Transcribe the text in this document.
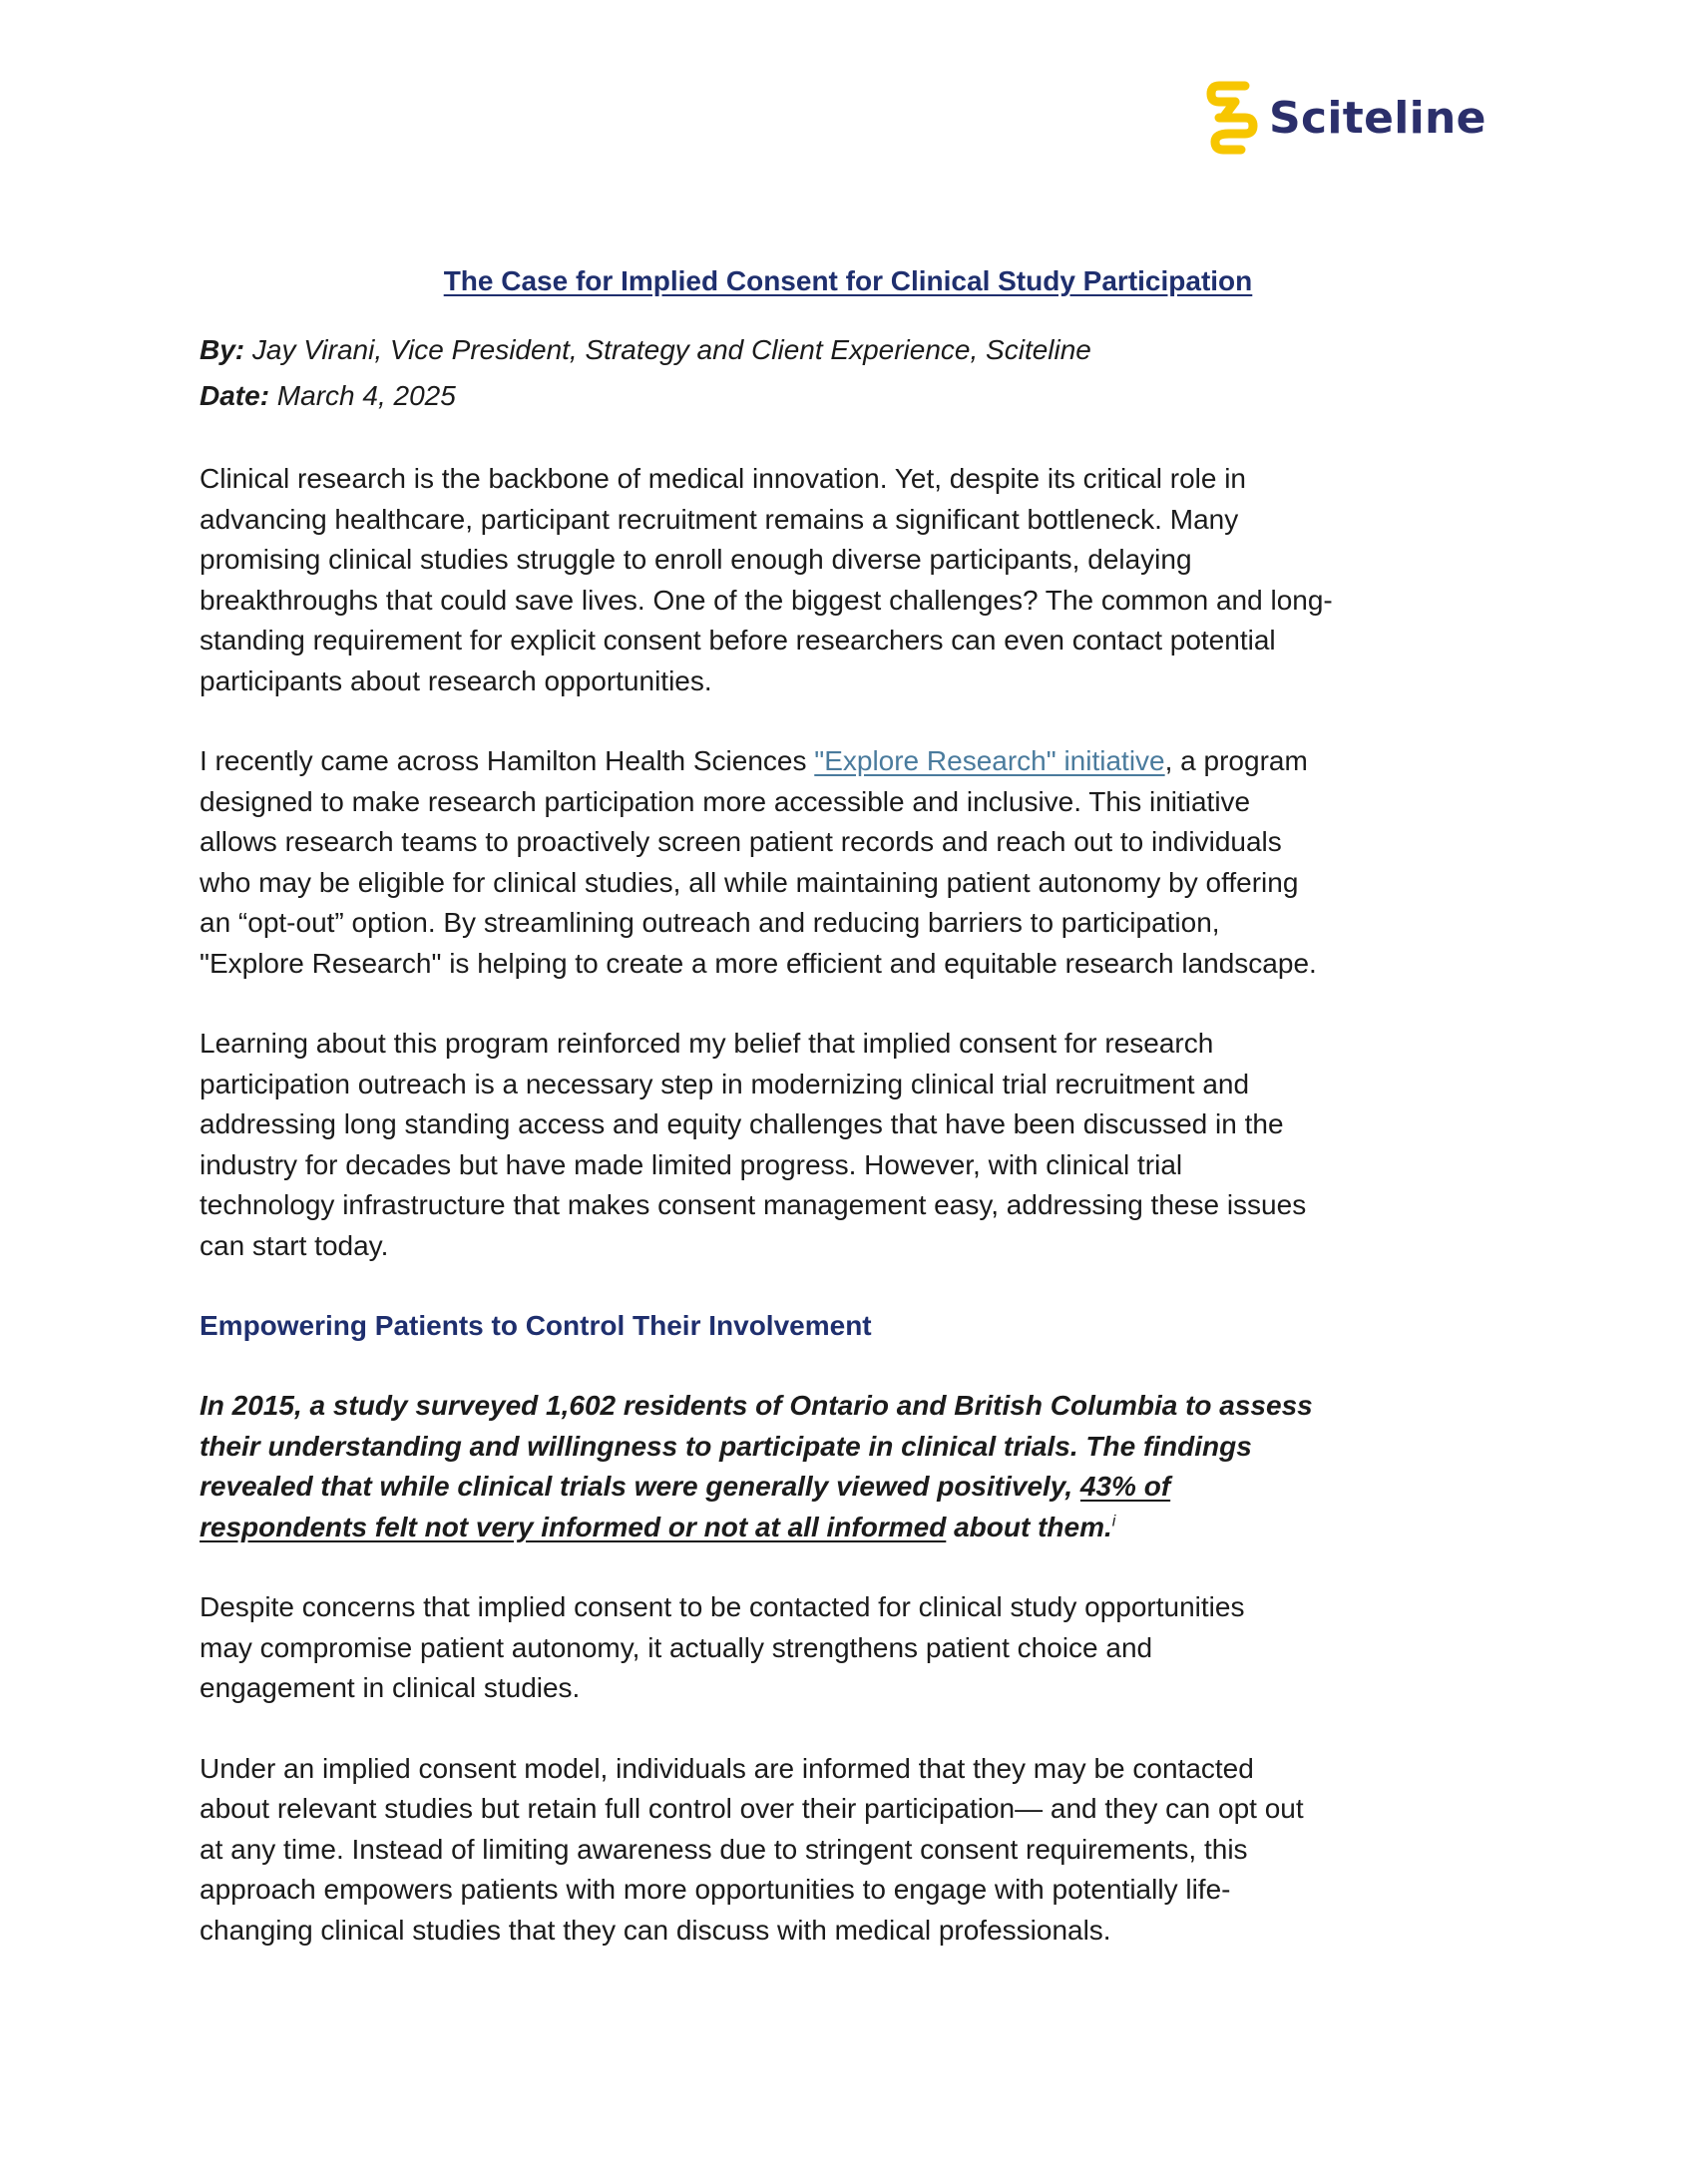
Sciteline
The Case for Implied Consent for Clinical Study Participation

By: Jay Virani, Vice President, Strategy and Client Experience, Sciteline

Date: March 4, 2025

Clinical research is the backbone of medical innovation. Yet, despite its critical role in
advancing healthcare, participant recruitment remains a significant bottleneck. Many
promising clinical studies struggle to enroll enough diverse participants, delaying
breakthroughs that could save lives. One of the biggest challenges? The common and long-
standing requirement for explicit consent before researchers can even contact potential
participants about research opportunities.

I recently came across Hamilton Health Sciences "Explore Research" initiative, a program
designed to make research participation more accessible and inclusive. This initiative
allows research teams to proactively screen patient records and reach out to individuals
who may be eligible for clinical studies, all while maintaining patient autonomy by offering
an “opt-out” option. By streamlining outreach and reducing barriers to participation,
"Explore Research" is helping to create a more efficient and equitable research landscape.

Learning about this program reinforced my belief that implied consent for research
participation outreach is a necessary step in modernizing clinical trial recruitment and
addressing long standing access and equity challenges that have been discussed in the
industry for decades but have made limited progress. However, with clinical trial
technology infrastructure that makes consent management easy, addressing these issues
can start today.

Empowering Patients to Control Their Involvement

In 2015, a study surveyed 1,602 residents of Ontario and British Columbia to assess
their understanding and willingness to participate in clinical trials. The findings
revealed that while clinical trials were generally viewed positively, 43% of
respondents felt not very informed or not at all informed about them.$^i$

Despite concerns that implied consent to be contacted for clinical study opportunities
may compromise patient autonomy, it actually strengthens patient choice and
engagement in clinical studies.

Under an implied consent model, individuals are informed that they may be contacted
about relevant studies but retain full control over their participation— and they can opt out
at any time. Instead of limiting awareness due to stringent consent requirements, this
approach empowers patients with more opportunities to engage with potentially life-
changing clinical studies that they can discuss with medical professionals.
